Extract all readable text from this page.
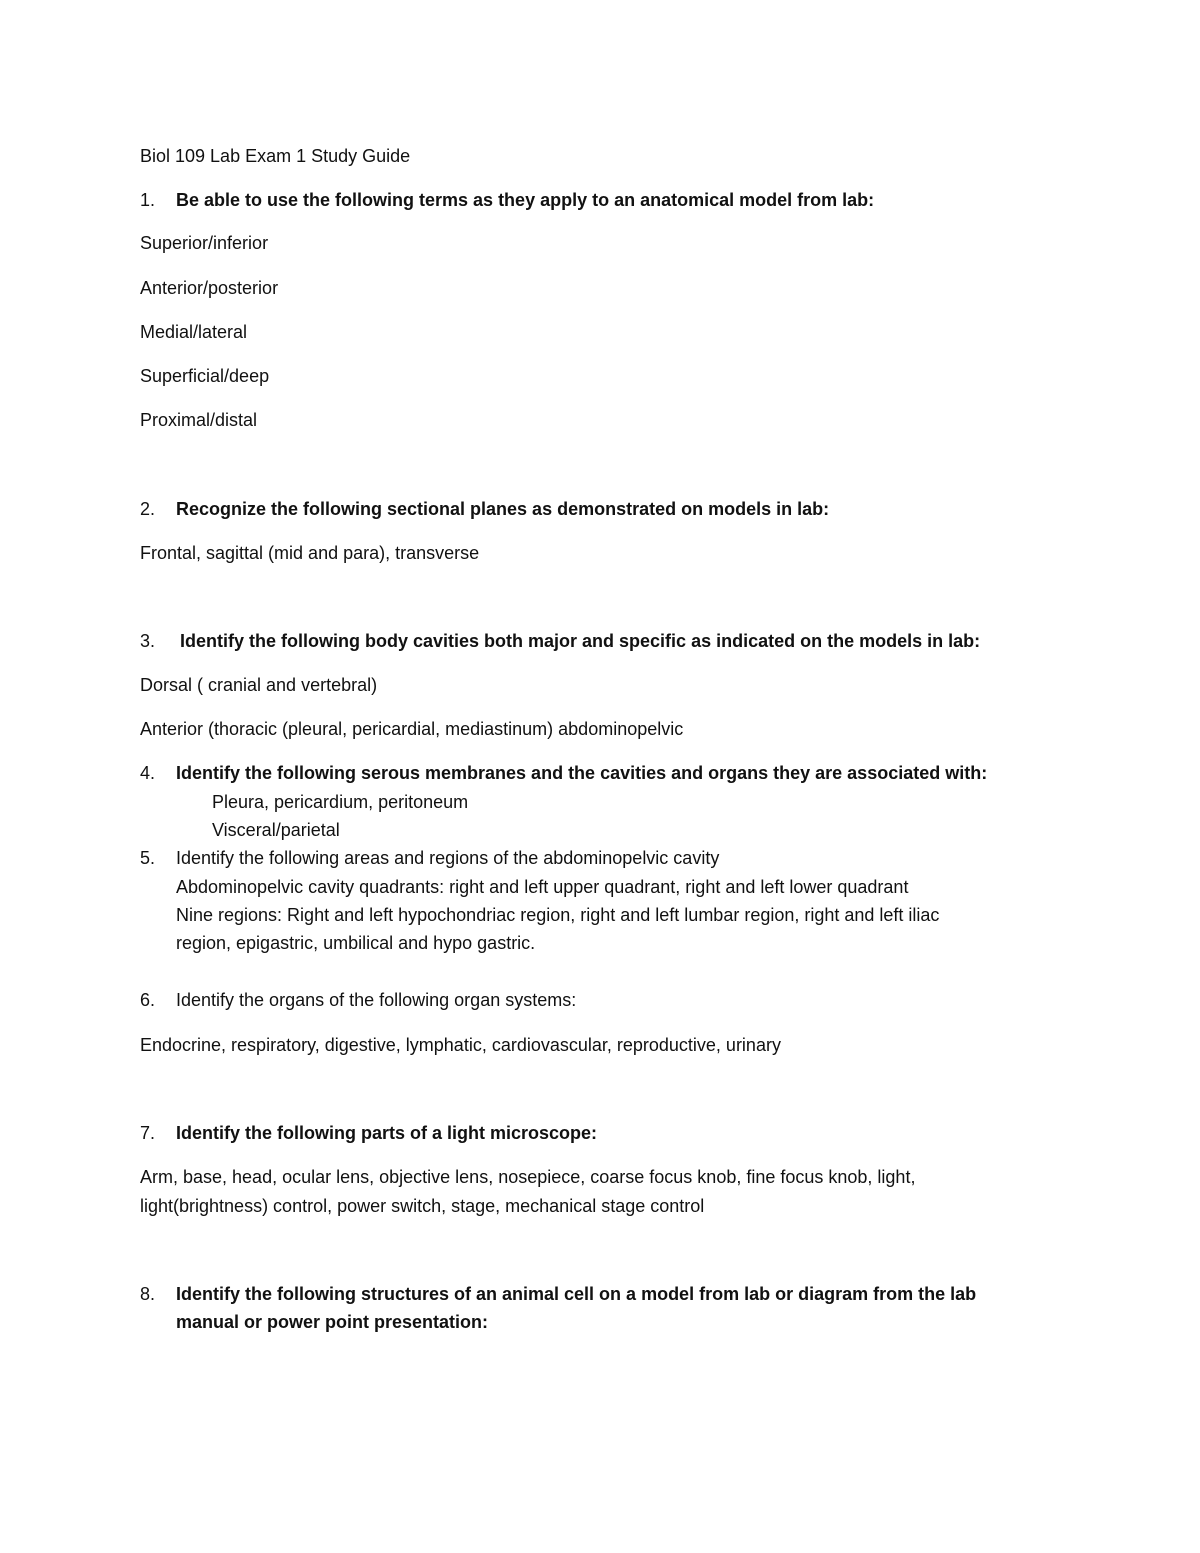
Biol 109 Lab Exam 1 Study Guide

1. Be able to use the following terms as they apply to an anatomical model from lab:

Superior/inferior

Anterior/posterior

Medial/lateral

Superficial/deep

Proximal/distal

2. Recognize the following sectional planes as demonstrated on models in lab:

Frontal, sagittal (mid and para), transverse

3. Identify the following body cavities both major and specific as indicated on the models in lab:

Dorsal ( cranial and vertebral)

Anterior (thoracic (pleural, pericardial, mediastinum) abdominopelvic

4. Identify the following serous membranes and the cavities and organs they are associated with:

Pleura, pericardium, peritoneum

Visceral/parietal

5. Identify the following areas and regions of the abdominopelvic cavity

Abdominopelvic cavity quadrants: right and left upper quadrant, right and left lower quadrant

Nine regions: Right and left hypochondriac region, right and left lumbar region, right and left iliac

region, epigastric, umbilical and hypo gastric.

6. Identify the organs of the following organ systems:

Endocrine, respiratory, digestive, lymphatic, cardiovascular, reproductive, urinary

7. Identify the following parts of a light microscope:

Arm, base, head, ocular lens, objective lens, nosepiece, coarse focus knob, fine focus knob, light,

light(brightness) control, power switch, stage, mechanical stage control

8. Identify the following structures of an animal cell on a model from lab or diagram from the lab

manual or power point presentation:
